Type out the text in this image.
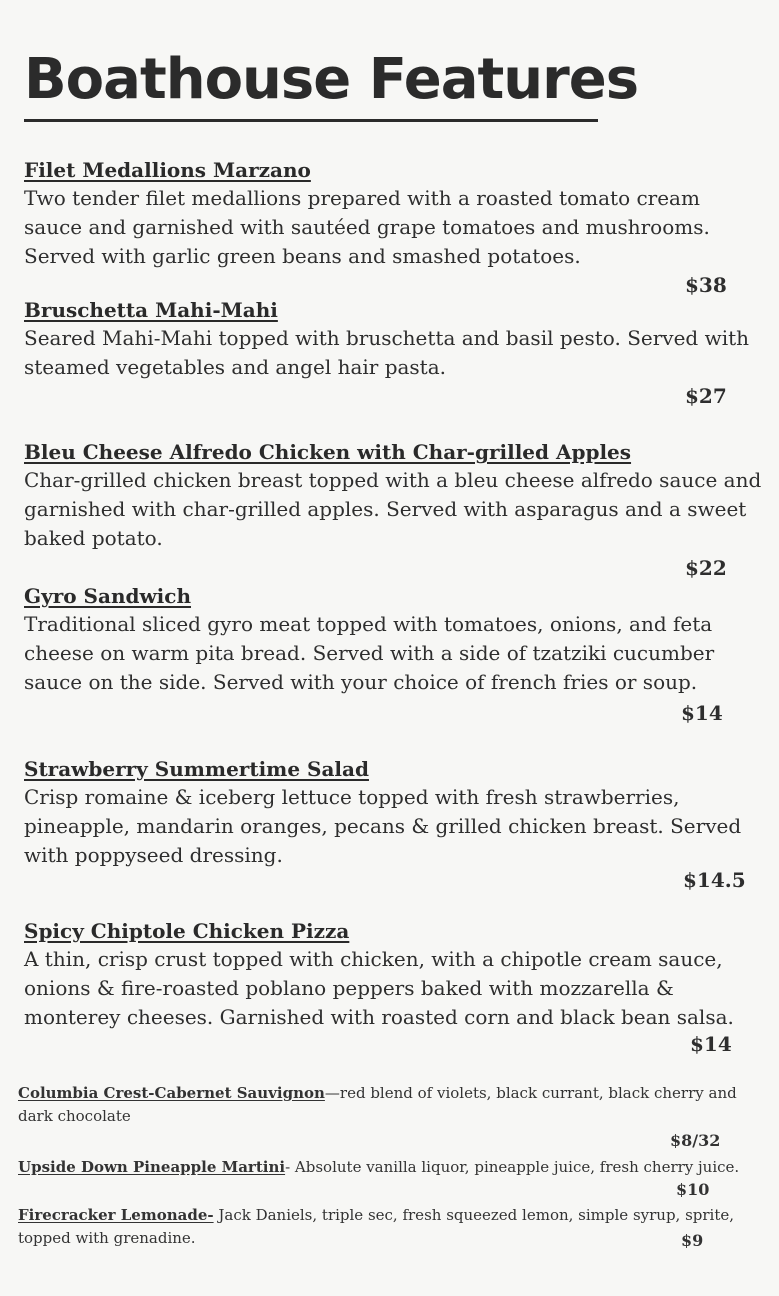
Boathouse Features
Filet Medallions Marzano
Two tender filet medallions prepared with a roasted tomato cream sauce and garnished with sautéed grape tomatoes and mushrooms. Served with garlic green beans and smashed potatoes.
$38
Bruschetta Mahi-Mahi
Seared Mahi-Mahi topped with bruschetta and basil pesto. Served with steamed vegetables and angel hair pasta.
$27
Bleu Cheese Alfredo Chicken with Char-grilled Apples
Char-grilled chicken breast topped with a bleu cheese alfredo sauce and garnished with char-grilled apples. Served with asparagus and a sweet baked potato.
$22
Gyro Sandwich
Traditional sliced gyro meat topped with tomatoes, onions, and feta cheese on warm pita bread. Served with a side of tzatziki cucumber sauce on the side. Served with your choice of french fries or soup.
$14
Strawberry Summertime Salad
Crisp romaine & iceberg lettuce topped with fresh strawberries, pineapple, mandarin oranges, pecans & grilled chicken breast. Served with poppyseed dressing.
$14.5
Spicy Chiptole Chicken Pizza
A thin, crisp crust topped with chicken, with a chipotle cream sauce, onions & fire-roasted poblano peppers baked with mozzarella & monterey cheeses. Garnished with roasted corn and black bean salsa.
$14
Columbia Crest-Cabernet Sauvignon—red blend of violets, black currant, black cherry and dark chocolate
$8/32
Upside Down Pineapple Martini- Absolute vanilla liquor, pineapple juice, fresh cherry juice.
$10
Firecracker Lemonade- Jack Daniels, triple sec, fresh squeezed lemon, simple syrup, sprite, topped with grenadine.	$9
